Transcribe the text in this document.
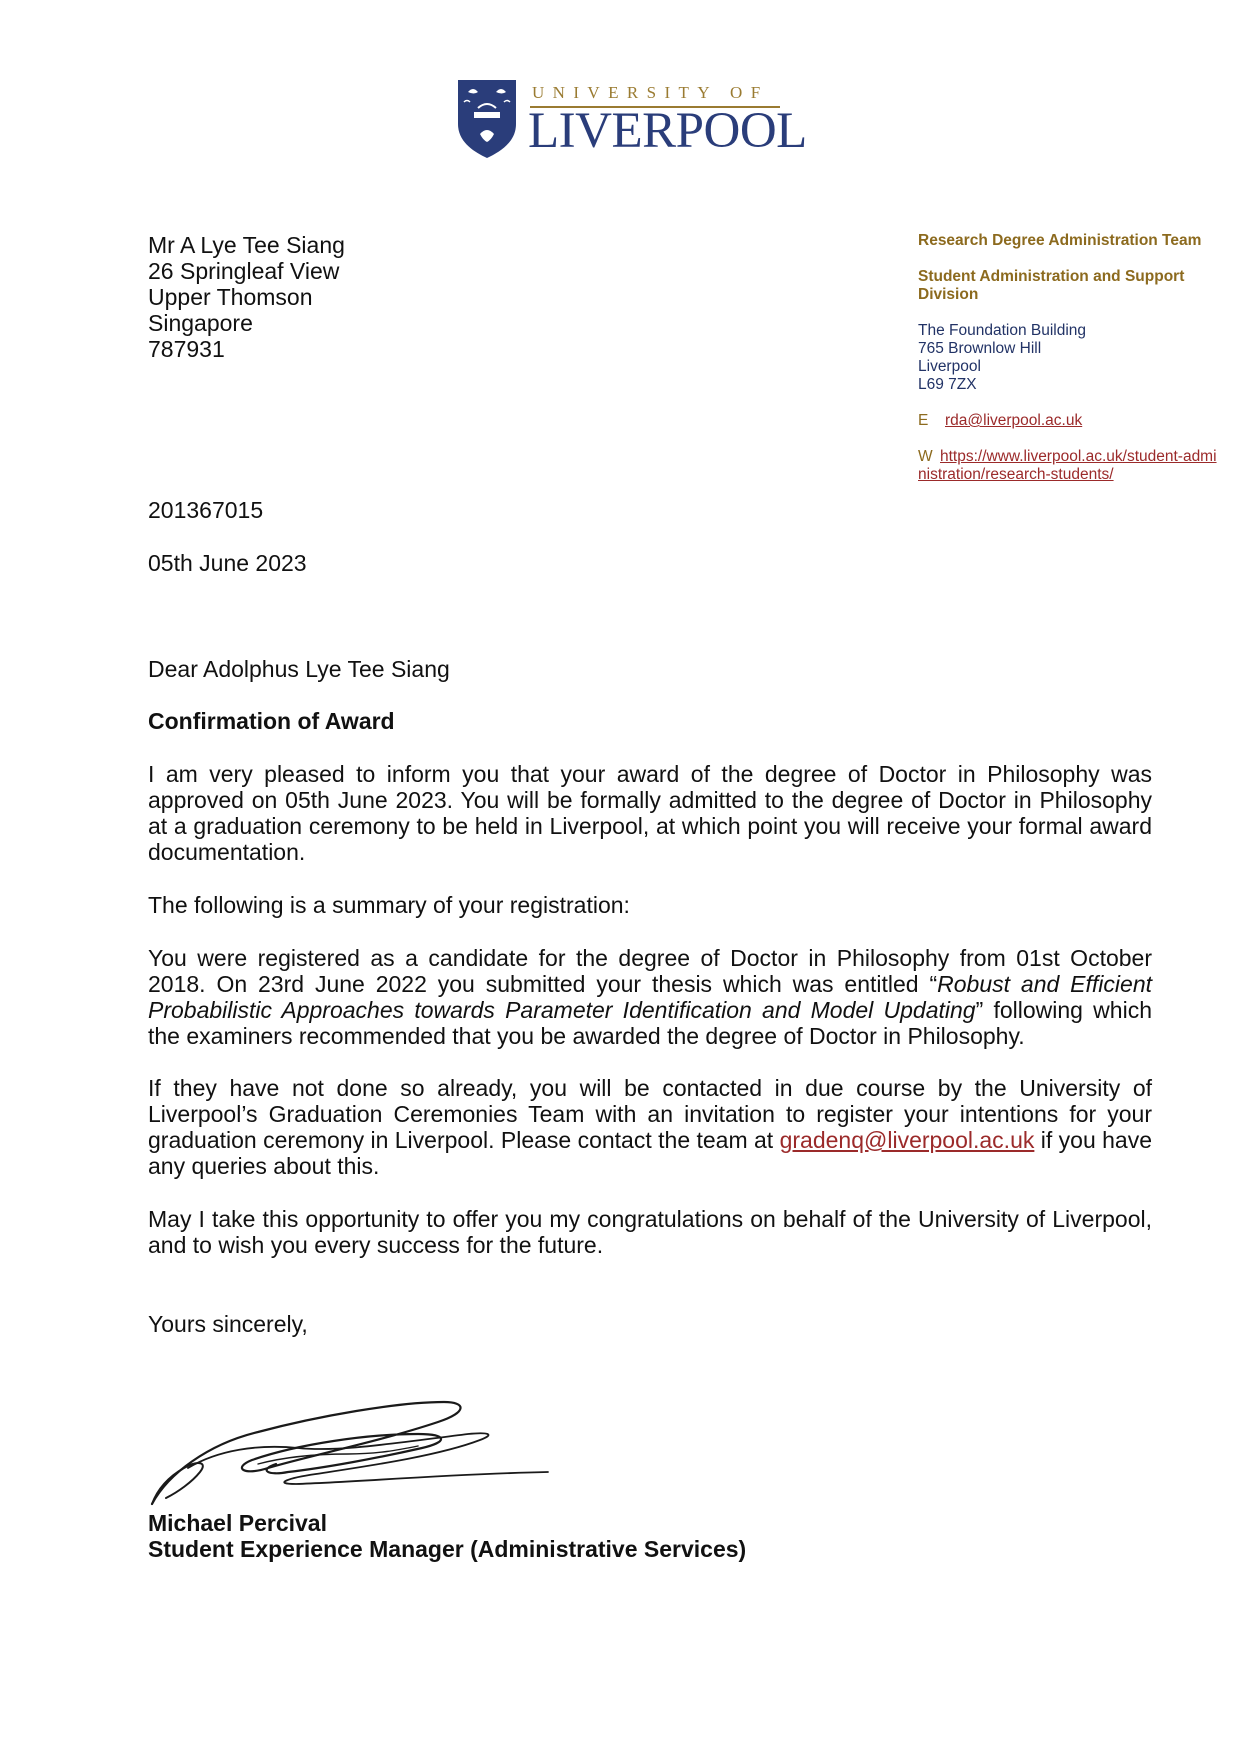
UNIVERSITY OF
LIVERPOOL
Mr A Lye Tee Siang
26 Springleaf View
Upper Thomson
Singapore
787931
Research Degree Administration Team
Student Administration and Support Division
The Foundation Building
765 Brownlow Hill
Liverpool
L69 7ZX
E rda@liverpool.ac.uk
W https://www.liverpool.ac.uk/student-administration/research-students/
201367015
05th June 2023
Dear Adolphus Lye Tee Siang
Confirmation of Award
I am very pleased to inform you that your award of the degree of Doctor in Philosophy was approved on 05th June 2023. You will be formally admitted to the degree of Doctor in Philosophy at a graduation ceremony to be held in Liverpool, at which point you will receive your formal award documentation.
The following is a summary of your registration:
You were registered as a candidate for the degree of Doctor in Philosophy from 01st October 2018. On 23rd June 2022 you submitted your thesis which was entitled “Robust and Efficient Probabilistic Approaches towards Parameter Identification and Model Updating” following which the examiners recommended that you be awarded the degree of Doctor in Philosophy.
If they have not done so already, you will be contacted in due course by the University of Liverpool’s Graduation Ceremonies Team with an invitation to register your intentions for your graduation ceremony in Liverpool. Please contact the team at gradenq@liverpool.ac.uk if you have any queries about this.
May I take this opportunity to offer you my congratulations on behalf of the University of Liverpool, and to wish you every success for the future.
Yours sincerely,
Michael Percival
Student Experience Manager (Administrative Services)
